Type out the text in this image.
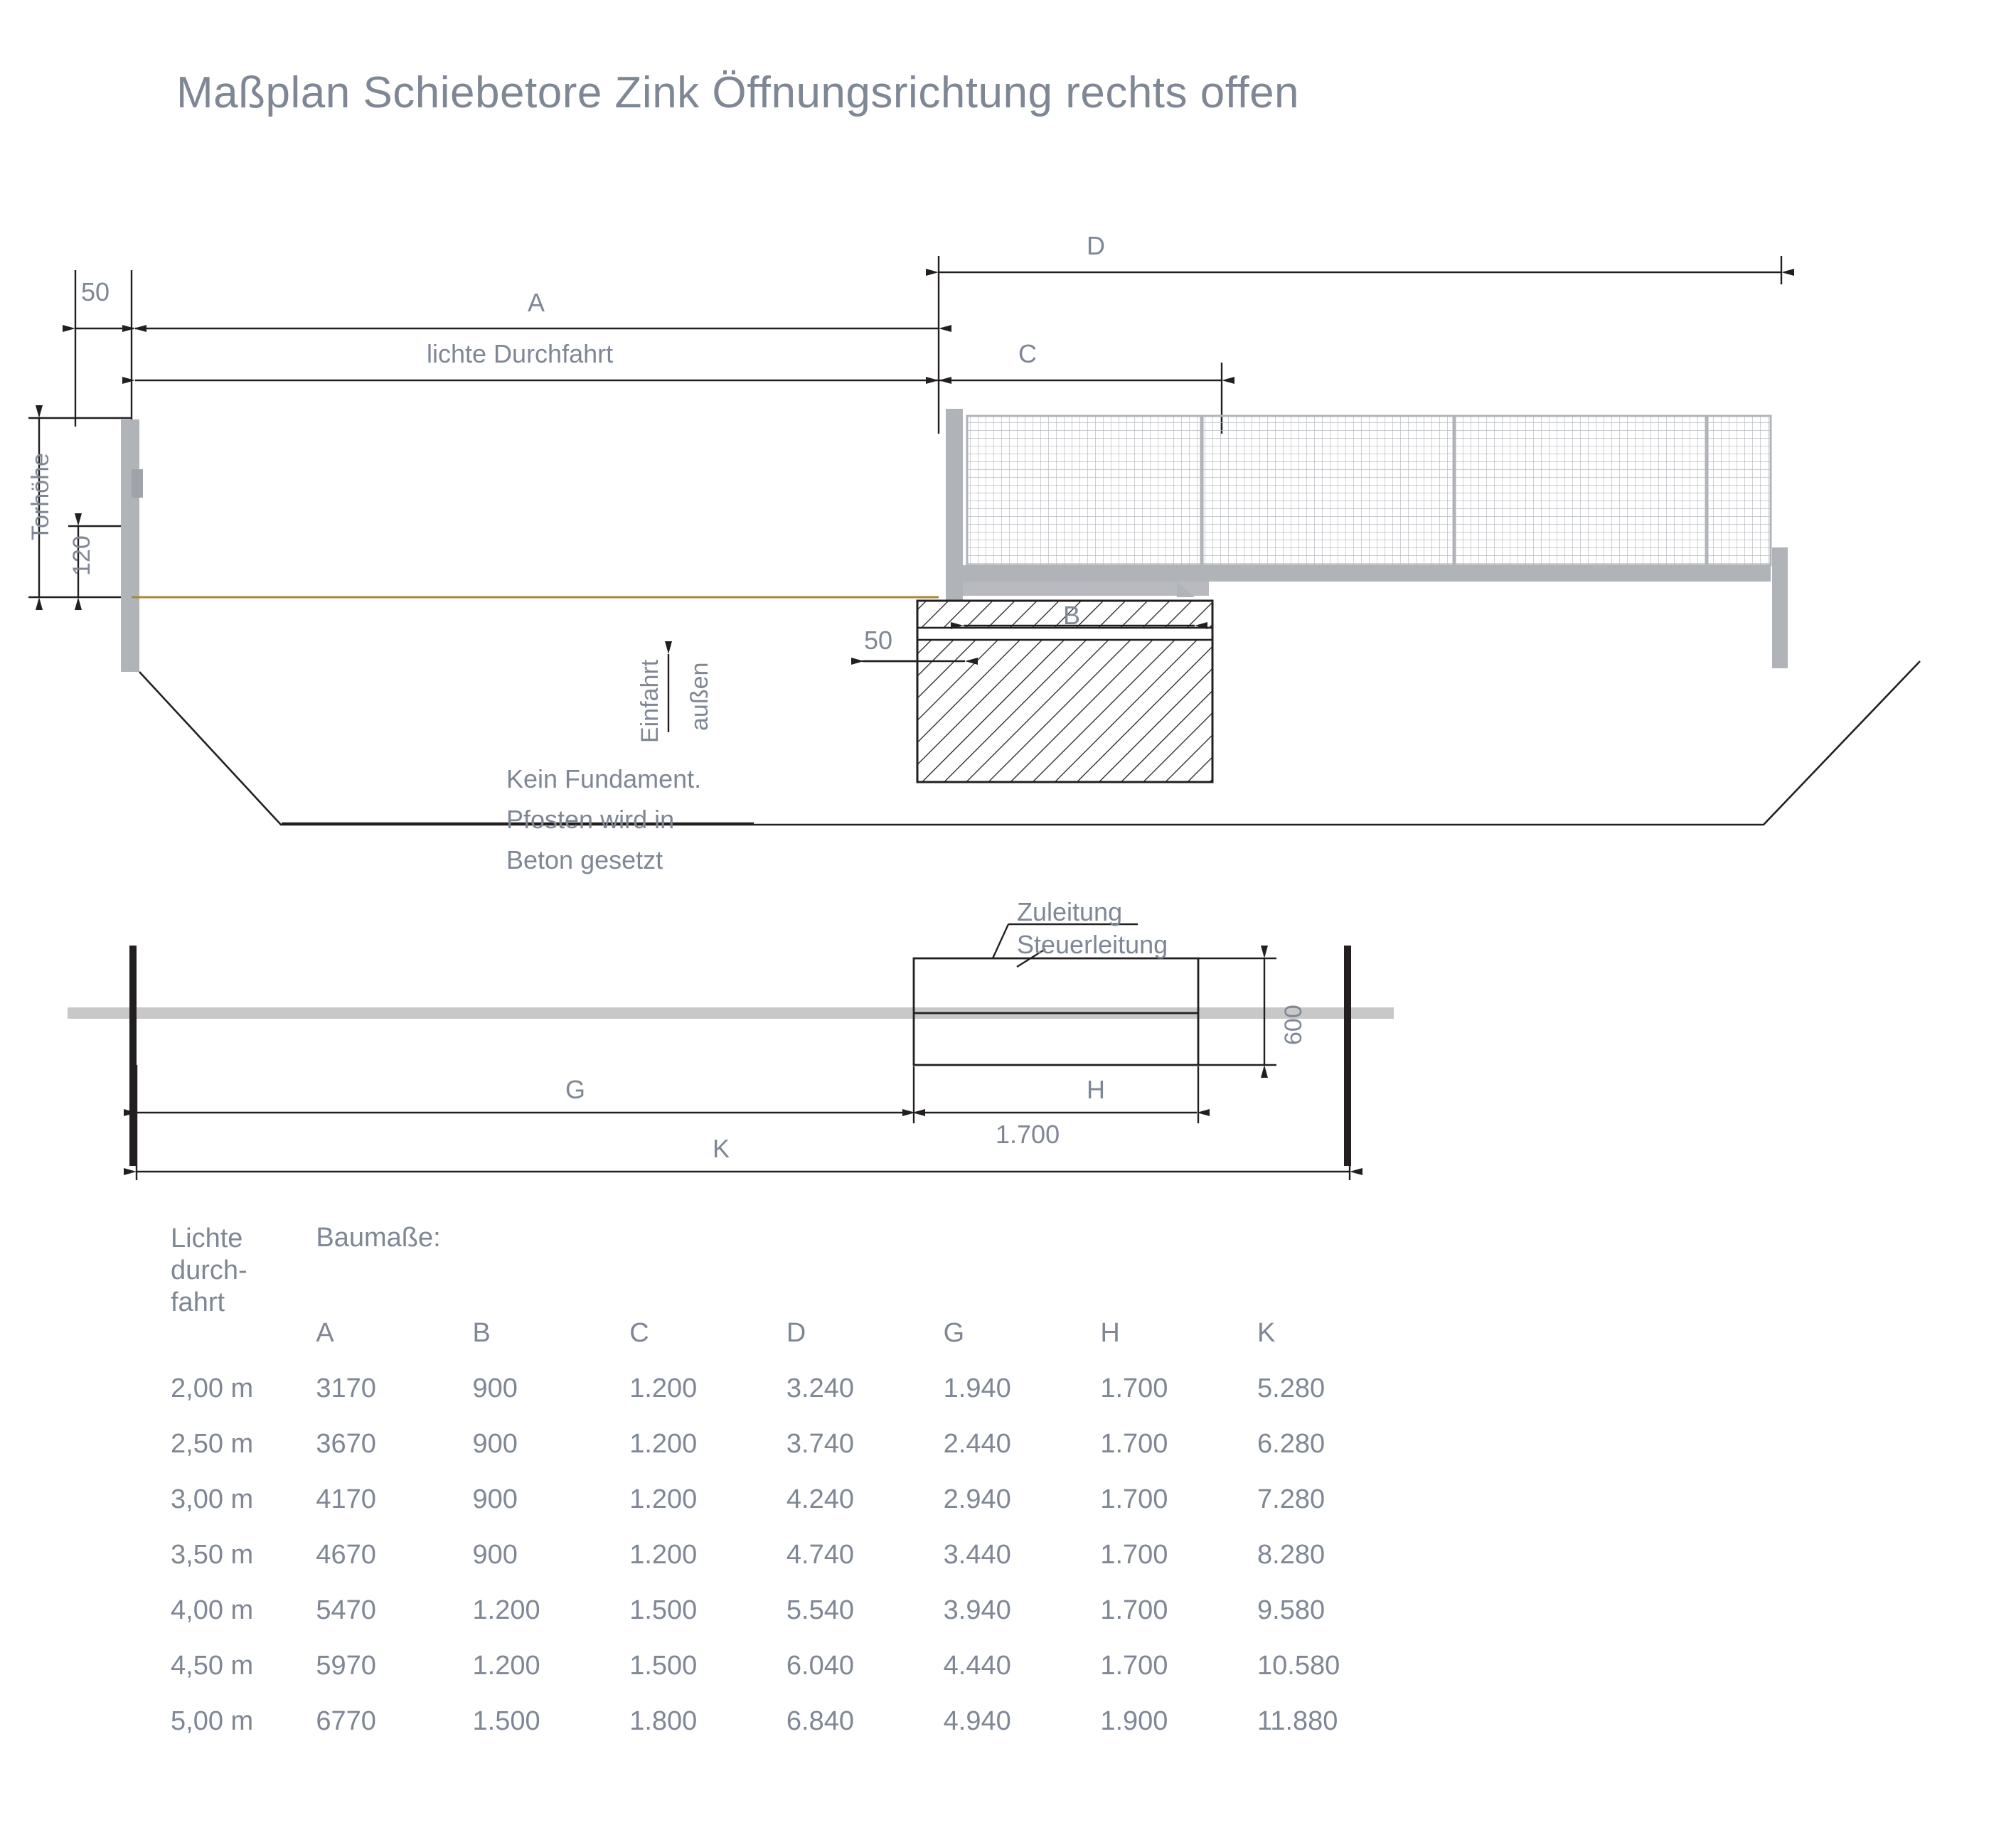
Maßplan Schiebetore Zink Öffnungsrichtung rechts offen
50	A
lichte Durchfahrt
D
C
B
50
Torhöhe
120
Einfahrt außen
Kein Fundament.
Pfosten wird in
Beton gesetzt
Zuleitung
Steuerleitung
600
G	H
1.700
K
Lichte
durch-
fahrt	Baumaße:						

	A	B	C	D	G	H	K
2,00 m	3170	900	1.200	3.240	1.940	1.700	5.280
2,50 m	3670	900	1.200	3.740	2.440	1.700	6.280
3,00 m	4170	900	1.200	4.240	2.940	1.700	7.280
3,50 m	4670	900	1.200	4.740	3.440	1.700	8.280
4,00 m	5470	1.200	1.500	5.540	3.940	1.700	9.580
4,50 m	5970	1.200	1.500	6.040	4.440	1.700	10.580
5,00 m	6770	1.500	1.800	6.840	4.940	1.900	11.880
